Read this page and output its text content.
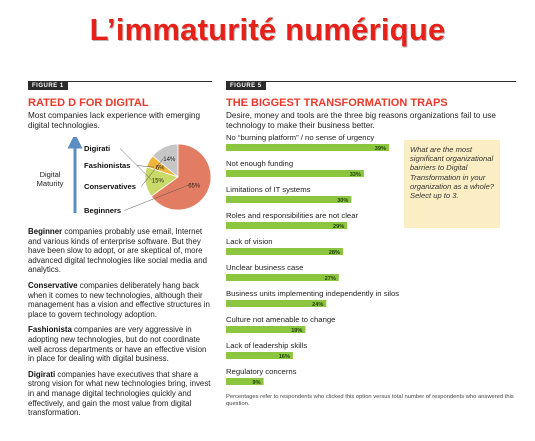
L’immaturité numérique
FIGURE 1
RATED D FOR DIGITAL
Most companies lack experience with emerging digital technologies.
Digital
Maturity	15%
6%
14%
65%
Digirati
Fashionistas
Conservatives
Beginners

Beginner companies probably use email, Internet and various kinds of enterprise software. But they have been slow to adopt, or are skeptical of, more advanced digital technologies like social media and analytics.

Conservative companies deliberately hang back when it comes to new technologies, although their management has a vision and effective structures in place to govern technology adoption.

Fashionista companies are very aggressive in adopting new technologies, but do not coordinate well across departments or have an effective vision in place for dealing with digital business.

Digirati companies have executives that share a strong vision for what new technologies bring, invest in and manage digital technologies quickly and effectively, and gain the most value from digital transformation.

FIGURE 5
THE BIGGEST TRANSFORMATION TRAPS
Desire, money and tools are the three big reasons organizations fail to use technology to make their business better.
No “burning platform” / no sense of urgency
39%
Not enough funding
33%
Limitations of IT systems
30%
Roles and responsibilities are not clear
29%
Lack of vision
28%
Unclear business case
27%
Business units implementing independently in silos
24%
Culture not amenable to change
19%
Lack of leadership skills
16%
Regulatory concerns
9%
What are the most significant organizational barriers to Digital Transformation in your organization as a whole? Select up to 3.
Percentages refer to respondents who clicked this option versus total number of respondents who answered this question.
